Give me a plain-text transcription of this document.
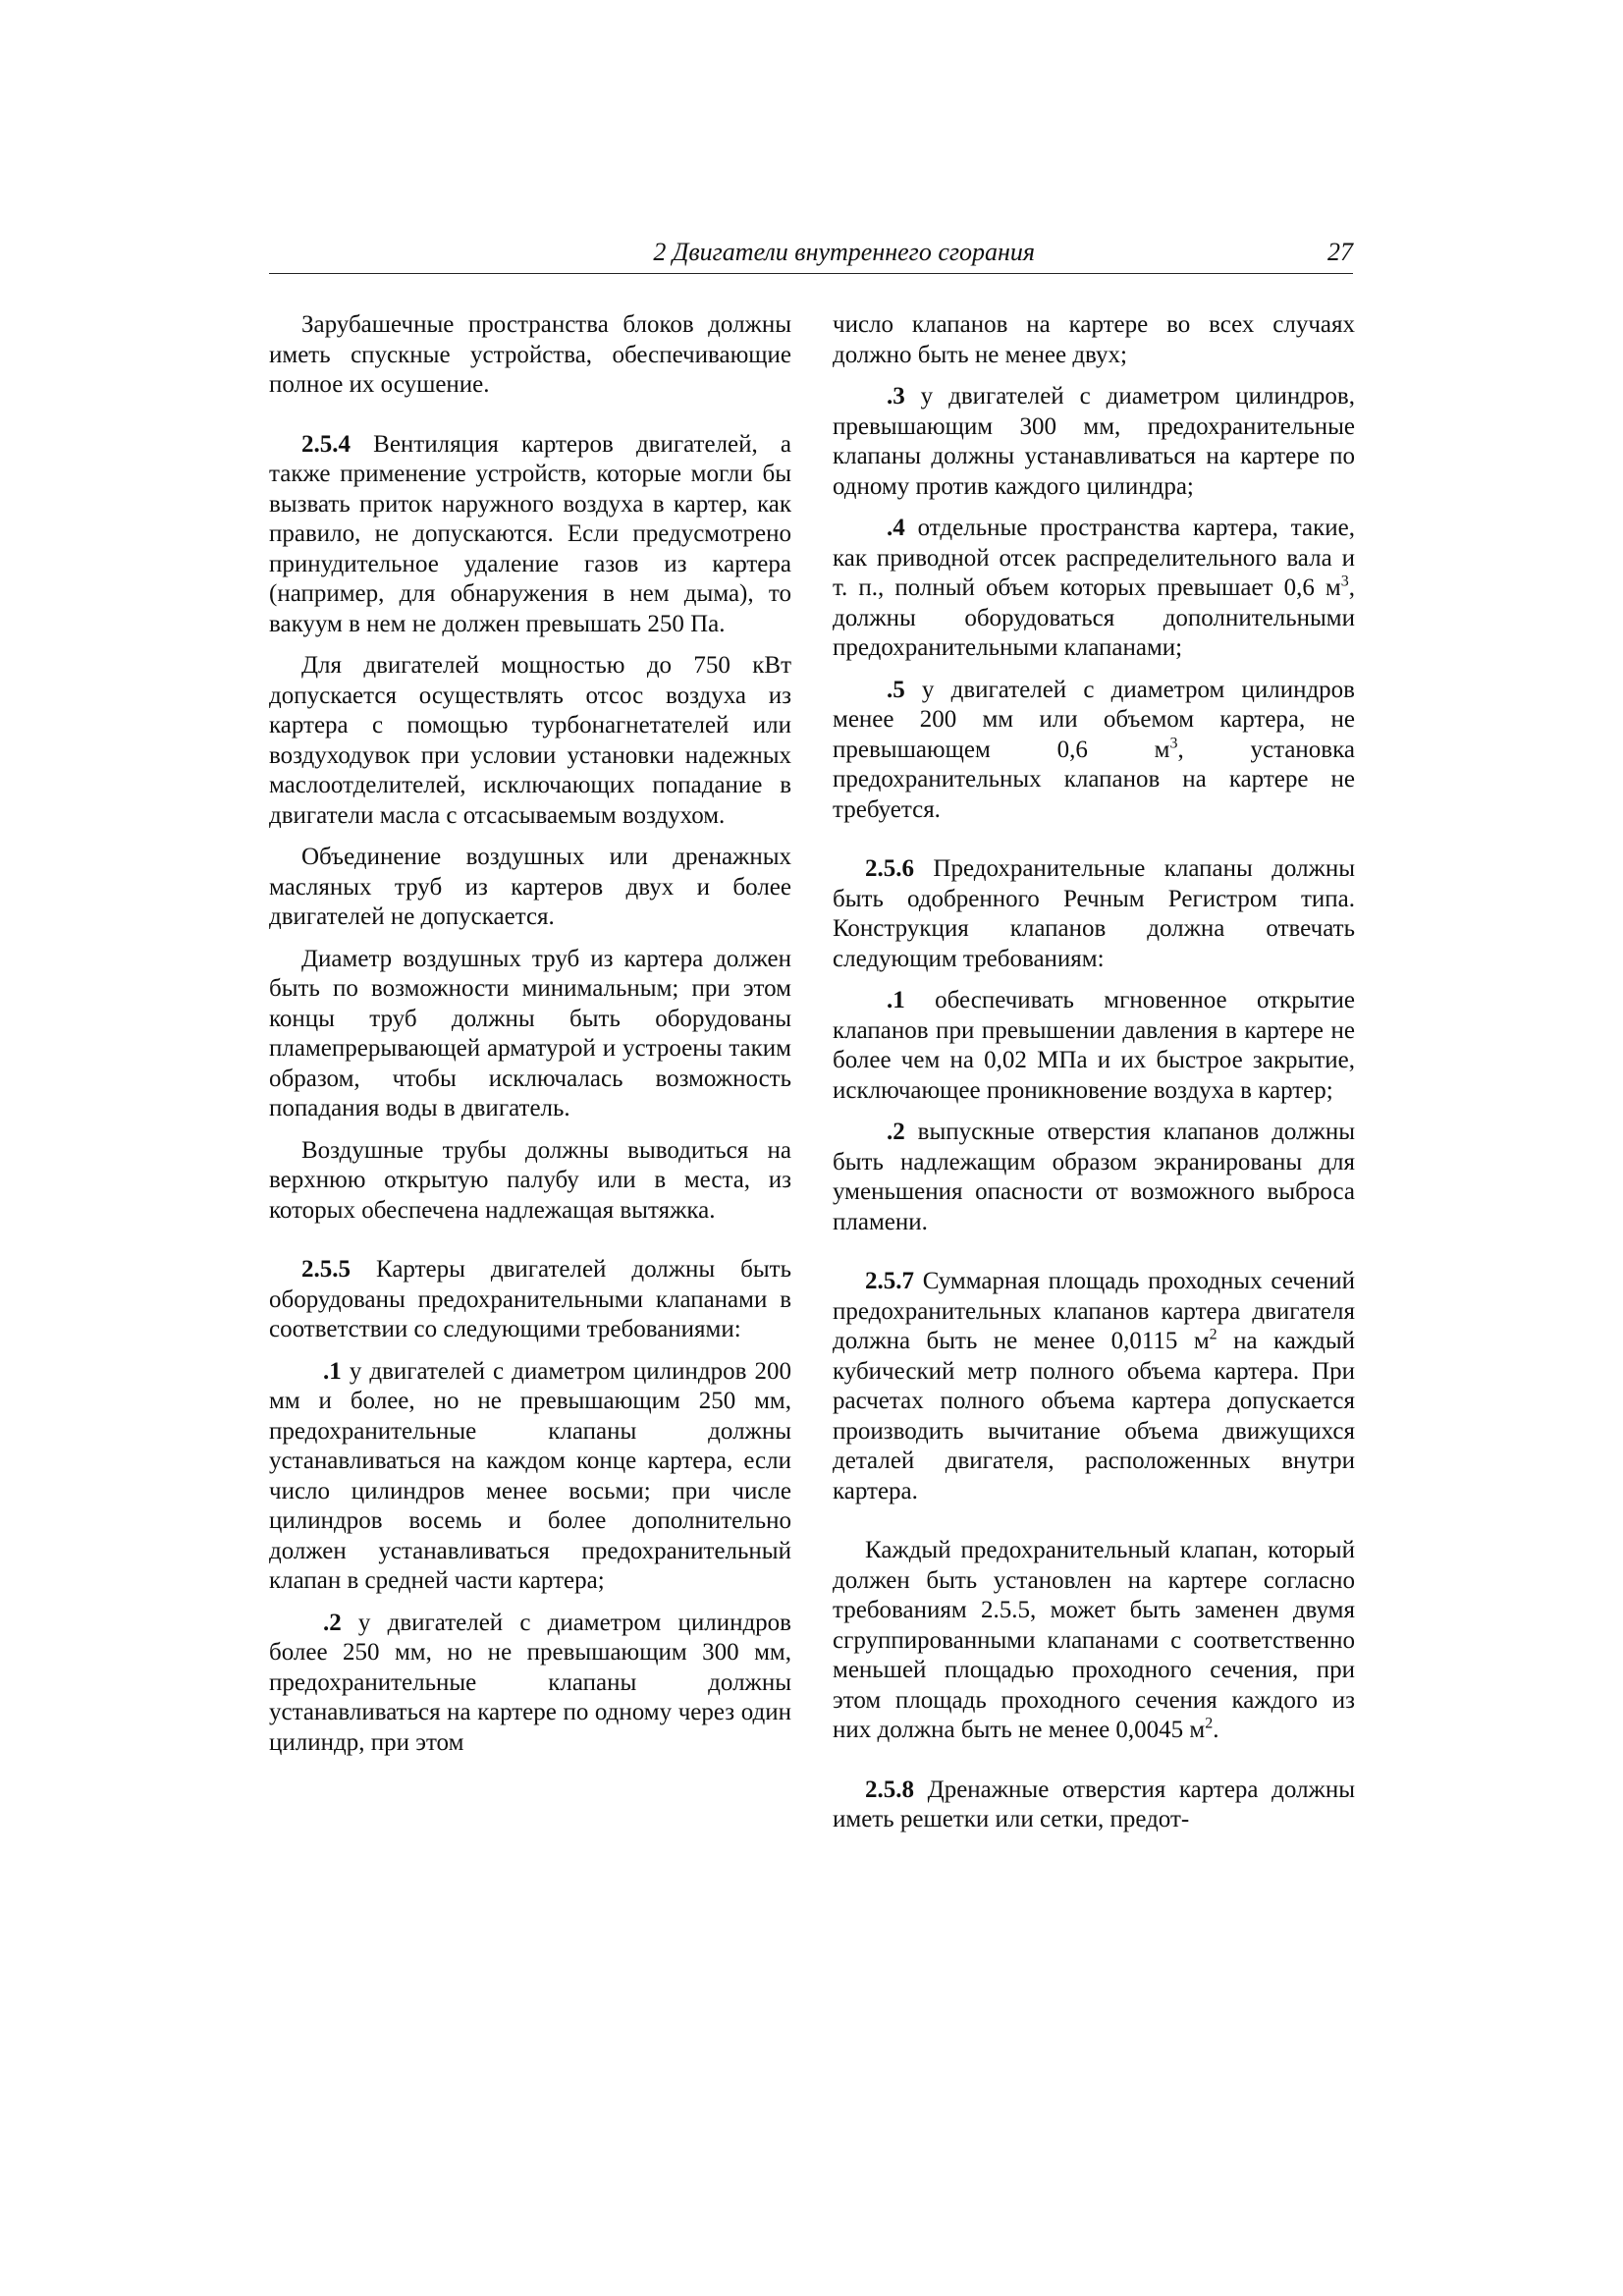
2 Двигатели внутреннего сгорания	27

Зарубашечные пространства блоков должны иметь спускные устройства, обеспечивающие полное их осушение.

2.5.4 Вентиляция картеров двигателей, а также применение устройств, которые могли бы вызвать приток наружного воздуха в картер, как правило, не допускаются. Если предусмотрено принудительное удаление газов из картера (например, для обнаружения в нем дыма), то вакуум в нем не должен превышать 250 Па.

Для двигателей мощностью до 750 кВт допускается осуществлять отсос воздуха из картера с помощью турбонагнетателей или воздуходувок при условии установки надежных маслоотделителей, исключающих попадание в двигатели масла с отсасываемым воздухом.

Объединение воздушных или дренажных масляных труб из картеров двух и более двигателей не допускается.

Диаметр воздушных труб из картера должен быть по возможности минимальным; при этом концы труб должны быть оборудованы пламепрерывающей арматурой и устроены таким образом, чтобы исключалась возможность попадания воды в двигатель.

Воздушные трубы должны выводиться на верхнюю открытую палубу или в места, из которых обеспечена надлежащая вытяжка.

2.5.5 Картеры двигателей должны быть оборудованы предохранительными клапанами в соответствии со следующими требованиями:

.1 у двигателей с диаметром цилиндров 200 мм и более, но не превышающим 250 мм, предохранительные клапаны должны устанавливаться на каждом конце картера, если число цилиндров менее восьми; при числе цилиндров восемь и более дополнительно должен устанавливаться предохранительный клапан в средней части картера;

.2 у двигателей с диаметром цилиндров более 250 мм, но не превышающим 300 мм, предохранительные клапаны должны устанавливаться на картере по одному через один цилиндр, при этом

число клапанов на картере во всех случаях должно быть не менее двух;

.3 у двигателей с диаметром цилиндров, превышающим 300 мм, предохранительные клапаны должны устанавливаться на картере по одному против каждого цилиндра;

.4 отдельные пространства картера, такие, как приводной отсек распределительного вала и т. п., полный объем которых превышает 0,6 $м^3$, должны оборудоваться дополнительными предохранительными клапанами;

.5 у двигателей с диаметром цилиндров менее 200 мм или объемом картера, не превышающем 0,6 $м^3$, установка предохранительных клапанов на картере не требуется.

2.5.6 Предохранительные клапаны должны быть одобренного Речным Регистром типа. Конструкция клапанов должна отвечать следующим требованиям:

.1 обеспечивать мгновенное открытие клапанов при превышении давления в картере не более чем на 0,02 МПа и их быстрое закрытие, исключающее проникновение воздуха в картер;

.2 выпускные отверстия клапанов должны быть надлежащим образом экранированы для уменьшения опасности от возможного выброса пламени.

2.5.7 Суммарная площадь проходных сечений предохранительных клапанов картера двигателя должна быть не менее 0,0115 $м^2$ на каждый кубический метр полного объема картера. При расчетах полного объема картера допускается производить вычитание объема движущихся деталей двигателя, расположенных внутри картера.

Каждый предохранительный клапан, который должен быть установлен на картере согласно требованиям 2.5.5, может быть заменен двумя сгруппированными клапанами с соответственно меньшей площадью проходного сечения, при этом площадь проходного сечения каждого из них должна быть не менее 0,0045 $м^2$.

2.5.8 Дренажные отверстия картера должны иметь решетки или сетки, предот-
